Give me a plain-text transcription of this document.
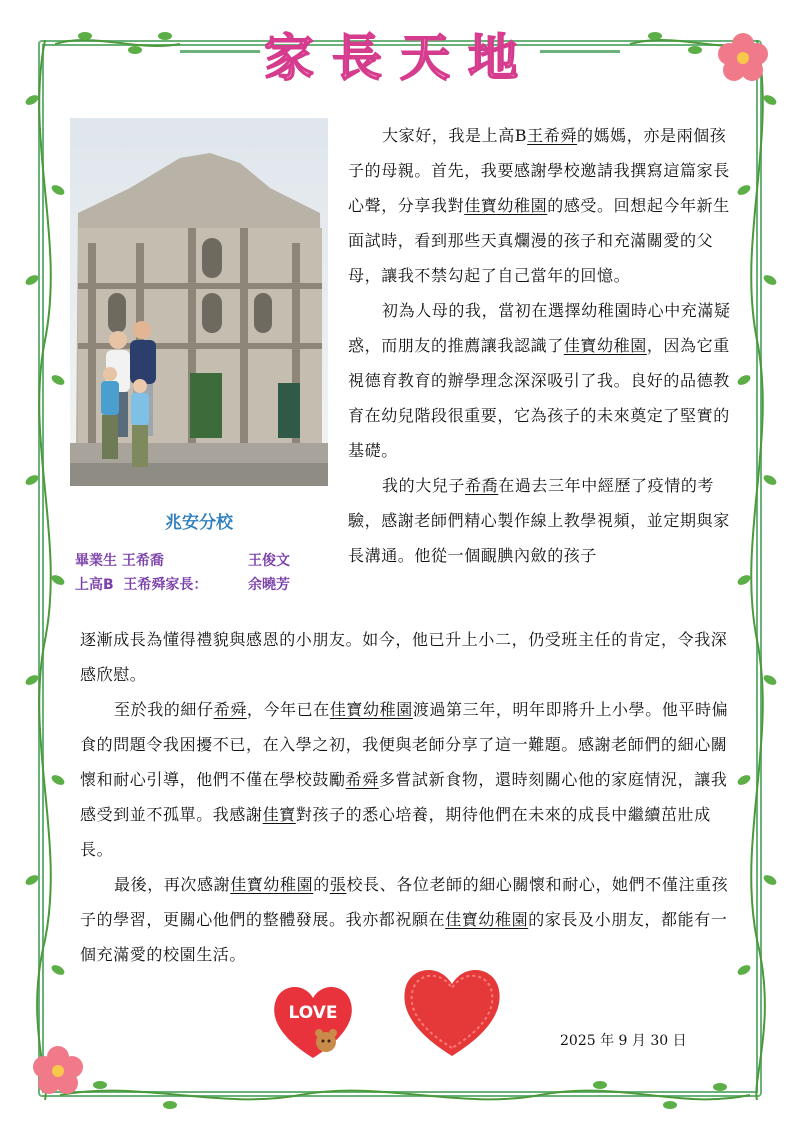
家長天地
兆安分校
畢業生 王希喬	王俊文
上高B 王希舜家長：	余曉芳

大家好，我是上高B王希舜的媽媽，亦是兩個孩子的母親。首先，我要感謝學校邀請我撰寫這篇家長心聲，分享我對佳寶幼稚園的感受。回想起今年新生面試時，看到那些天真爛漫的孩子和充滿關愛的父母，讓我不禁勾起了自己當年的回憶。

初為人母的我，當初在選擇幼稚園時心中充滿疑惑，而朋友的推薦讓我認識了佳寶幼稚園，因為它重視德育教育的辦學理念深深吸引了我。良好的品德教育在幼兒階段很重要，它為孩子的未來奠定了堅實的基礎。

我的大兒子希喬在過去三年中經歷了疫情的考驗，感謝老師們精心製作線上教學視頻，並定期與家長溝通。他從一個靦腆內斂的孩子

逐漸成長為懂得禮貌與感恩的小朋友。如今，他已升上小二，仍受班主任的肯定，令我深感欣慰。

至於我的細仔希舜，今年已在佳寶幼稚園渡過第三年，明年即將升上小學。他平時偏食的問題令我困擾不已，在入學之初，我便與老師分享了這一難題。感謝老師們的細心關懷和耐心引導，他們不僅在學校鼓勵希舜多嘗試新食物，還時刻關心他的家庭情況，讓我感受到並不孤單。我感謝佳寶對孩子的悉心培養，期待他們在未來的成長中繼續茁壯成長。

最後，再次感謝佳寶幼稚園的張校長、各位老師的細心關懷和耐心，她們不僅注重孩子的學習，更關心他們的整體發展。我亦都祝願在佳寶幼稚園的家長及小朋友，都能有一個充滿愛的校園生活。

LOVE
2025 年 9 月 30 日
